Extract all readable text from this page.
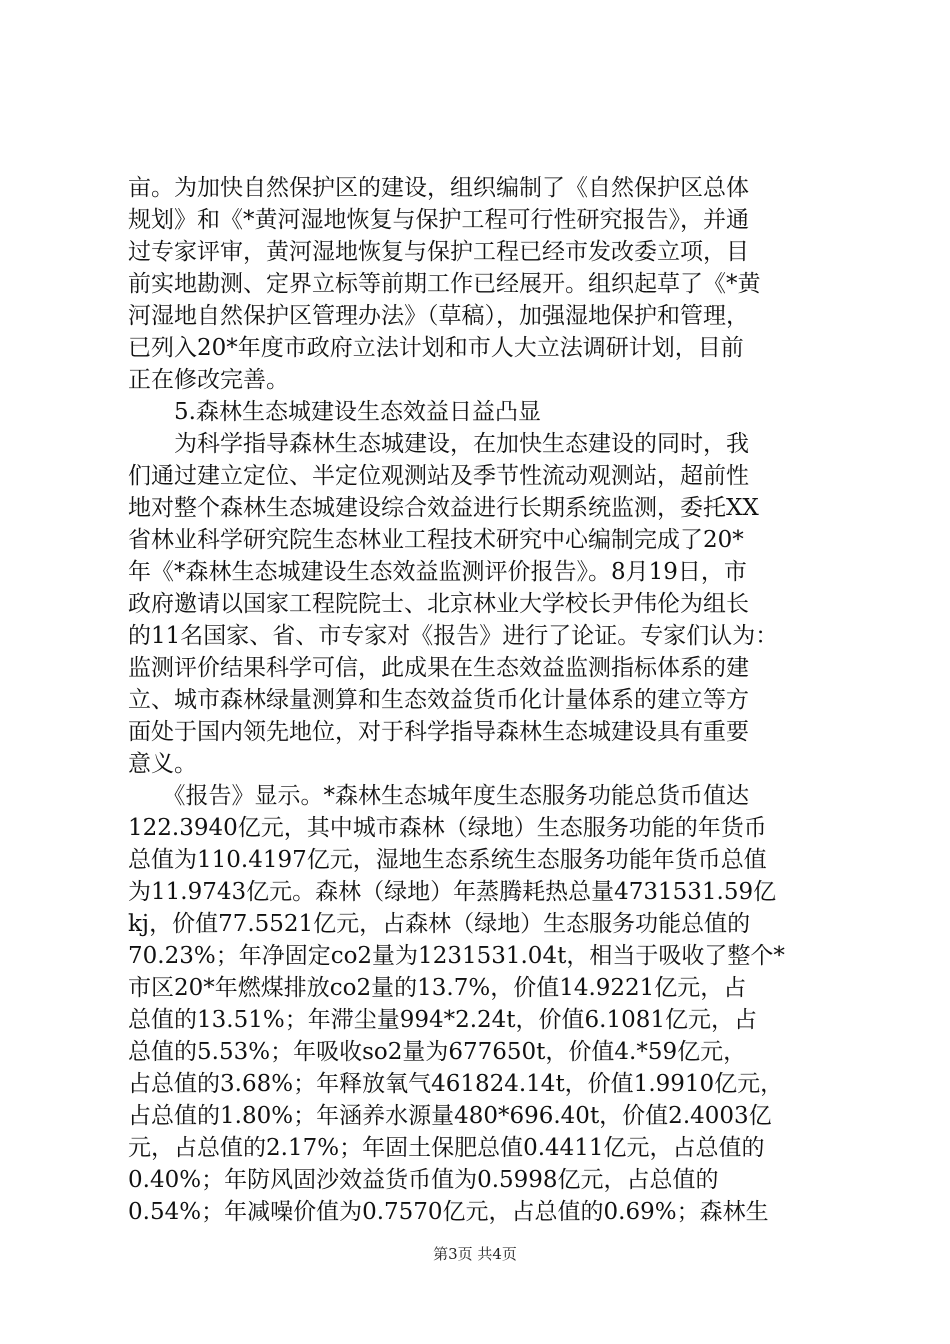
亩。为加快自然保护区的建设，组织编制了《自然保护区总体
规划》和《*黄河湿地恢复与保护工程可行性研究报告》，并通
过专家评审，黄河湿地恢复与保护工程已经市发改委立项，目
前实地勘测、定界立标等前期工作已经展开。组织起草了《*黄
河湿地自然保护区管理办法》（草稿），加强湿地保护和管理，
已列入20*年度市政府立法计划和市人大立法调研计划，目前
正在修改完善。
　　5.森林生态城建设生态效益日益凸显
　　为科学指导森林生态城建设，在加快生态建设的同时，我
们通过建立定位、半定位观测站及季节性流动观测站，超前性
地对整个森林生态城建设综合效益进行长期系统监测，委托XX
省林业科学研究院生态林业工程技术研究中心编制完成了20*
年《*森林生态城建设生态效益监测评价报告》。8月19日，市
政府邀请以国家工程院院士、北京林业大学校长尹伟伦为组长
的11名国家、省、市专家对《报告》进行了论证。专家们认为：
监测评价结果科学可信，此成果在生态效益监测指标体系的建
立、城市森林绿量测算和生态效益货币化计量体系的建立等方
面处于国内领先地位，对于科学指导森林生态城建设具有重要
意义。
　　《报告》显示。*森林生态城年度生态服务功能总货币值达
122.3940亿元，其中城市森林（绿地）生态服务功能的年货币
总值为110.4197亿元，湿地生态系统生态服务功能年货币总值
为11.9743亿元。森林（绿地）年蒸腾耗热总量4731531.59亿
kj，价值77.5521亿元，占森林（绿地）生态服务功能总值的
70.23%；年净固定co2量为1231531.04t，相当于吸收了整个*
市区20*年燃煤排放co2量的13.7%，价值14.9221亿元，占
总值的13.51%；年滞尘量994*2.24t，价值6.1081亿元，占
总值的5.53%；年吸收so2量为677650t，价值4.*59亿元，
占总值的3.68%；年释放氧气461824.14t，价值1.9910亿元，
占总值的1.80%；年涵养水源量480*696.40t，价值2.4003亿
元，占总值的2.17%；年固土保肥总值0.4411亿元，占总值的
0.40%；年防风固沙效益货币值为0.5998亿元，占总值的
0.54%；年减噪价值为0.7570亿元，占总值的0.69%；森林生
第3页 共4页
